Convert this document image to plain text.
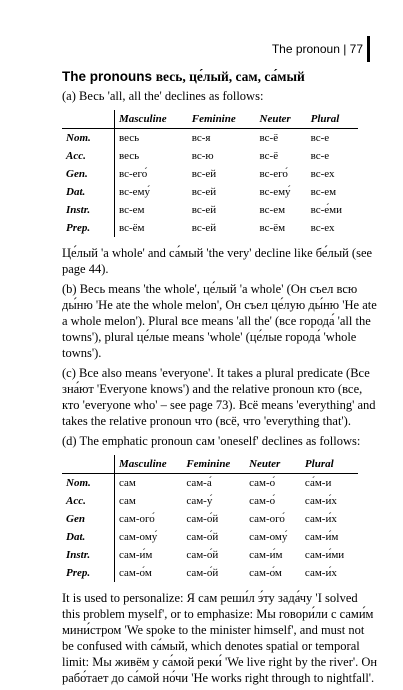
The pronoun | 77
The pronouns весь, це́лый, сам, са́мый

(a) Весь 'all, all the' declines as follows:

	Masculine	Feminine	Neuter	Plural
Nom.	весь	вс-я	вс-ё	вс-е
Acc.	весь	вс-ю	вс-ё	вс-е
Gen.	вс-его́	вс-ей	вс-его́	вс-ех
Dat.	вс-ему́	вс-ей	вс-ему́	вс-ем
Instr.	вс-ем	вс-ей	вс-ем	вс-е́ми
Prep.	вс-ём	вс-ей	вс-ём	вс-ех

Це́лый 'a whole' and са́мый 'the very' decline like бе́лый (see page 44).

(b) Весь means 'the whole', це́лый 'a whole' (Он съел всю ды́ню 'He ate the whole melon', Он съел це́лую ды́ню 'He ate a whole melon'). Plural все means 'all the' (все города́ 'all the towns'), plural це́лые means 'whole' (це́лые города́ 'whole towns').

(c) Все also means 'everyone'. It takes a plural predicate (Все зна́ют 'Everyone knows') and the relative pronoun кто (все, кто 'everyone who' – see page 73). Всё means 'everything' and takes the relative pronoun что (всё, что 'everything that').

(d) The emphatic pronoun сам 'oneself' declines as follows:

	Masculine	Feminine	Neuter	Plural
Nom.	сам	сам-а́	сам-о́	са́м-и
Acc.	сам	сам-у́	сам-о́	сам-и́х
Gen	сам-ого́	сам-о́й	сам-ого́	сам-и́х
Dat.	сам-ому́	сам-о́й	сам-ому́	сам-и́м
Instr.	сам-и́м	сам-о́й	сам-и́м	сам-и́ми
Prep.	сам-о́м	сам-о́й	сам-о́м	сам-и́х

It is used to personalize: Я сам реши́л э́ту зада́чу 'I solved this problem myself', or to emphasize: Мы говори́ли с сами́м мини́стром 'We spoke to the minister himself', and must not be confused with са́мый, which denotes spatial or temporal limit: Мы живём у са́мой реки́ 'We live right by the river'. Он рабо́тает до са́мой но́чи 'He works right through to nightfall'.
